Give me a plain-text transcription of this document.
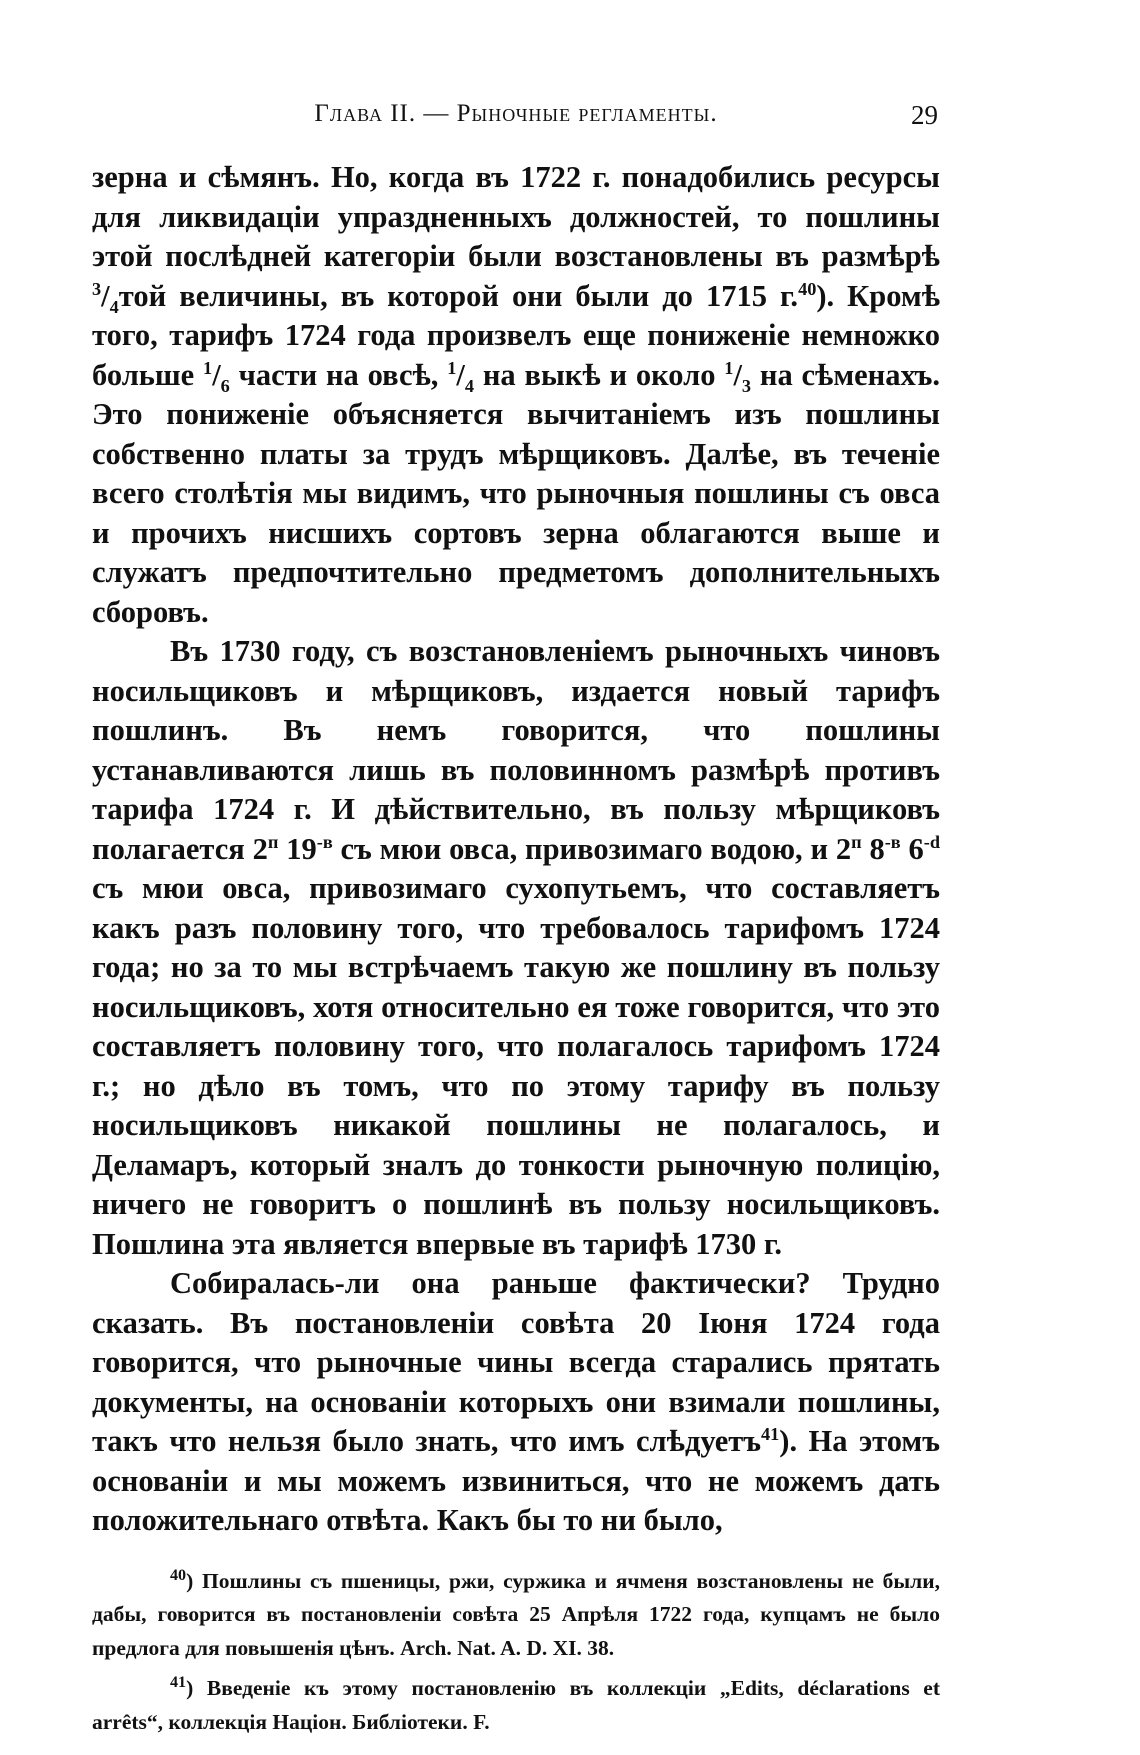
Глава II. — Рыночные регламенты.	29

зерна и сѣмянъ. Но, когда въ 1722 г. понадобились ресурсы для ликвидаціи упраздненныхъ должностей, то пошлины этой послѣдней категоріи были возстановлены въ размѣрѣ $^3/_4той$ величины, въ которой они были до 1715 г.$^{40}$). Кромѣ того, тарифъ 1724 года произвелъ еще пониженіе немножко больше $^1/_6$ части на овсѣ, $^1/_4$ на выкѣ и около $^1/_3$ на сѣменахъ. Это пониженіе объясняется вычитаніемъ изъ пошлины собственно платы за трудъ мѣрщиковъ. Далѣе, въ теченіе всего столѣтія мы видимъ, что рыночныя пошлины съ овса и прочихъ нисшихъ сортовъ зерна облагаются выше и служатъ предпочтительно предметомъ дополнительныхъ сборовъ.

Въ 1730 году, съ возстановленіемъ рыночныхъ чиновъ носильщиковъ и мѣрщиковъ, издается новый тарифъ пошлинъ. Въ немъ говорится, что пошлины устанавливаются лишь въ половинномъ размѣрѣ противъ тарифа 1724 г. И дѣйствительно, въ пользу мѣрщиковъ полагается $2^п$ $19^{-в}$ съ мюи овса, привозимаго водою, и $2^п$ $8^{-в}$ $6^{-d}$ съ мюи овса, привозимаго сухопутьемъ, что составляетъ какъ разъ половину того, что требовалось тарифомъ 1724 года; но за то мы встрѣчаемъ такую же пошлину въ пользу носильщиковъ, хотя относительно ея тоже говорится, что это составляетъ половину того, что полагалось тарифомъ 1724 г.; но дѣло въ томъ, что по этому тарифу въ пользу носильщиковъ никакой пошлины не полагалось, и Деламаръ, который зналъ до тонкости рыночную полицію, ничего не говоритъ о пошлинѣ въ пользу носильщиковъ. Пошлина эта является впервые въ тарифѣ 1730 г.

Собиралась-ли она раньше фактически? Трудно сказать. Въ постановленіи совѣта 20 Іюня 1724 года говорится, что рыночные чины всегда старались прятать документы, на основаніи которыхъ они взимали пошлины, такъ что нельзя было знать, что имъ слѣдуетъ$^{41}$). На этомъ основаніи и мы можемъ извиниться, что не можемъ дать положительнаго отвѣта. Какъ бы то ни было,

$^{40}$) Пошлины съ пшеницы, ржи, суржика и ячменя возстановлены не были, дабы, говорится въ постановленіи совѣта 25 Апрѣля 1722 года, купцамъ не было предлога для повышенія цѣнъ. Arch. Nat. A. D. XI. 38.

$^{41}$) Введеніе къ этому постановленію въ коллекціи „Edits, déclarations et arrêts“, коллекція Націон. Библіотеки. F.
